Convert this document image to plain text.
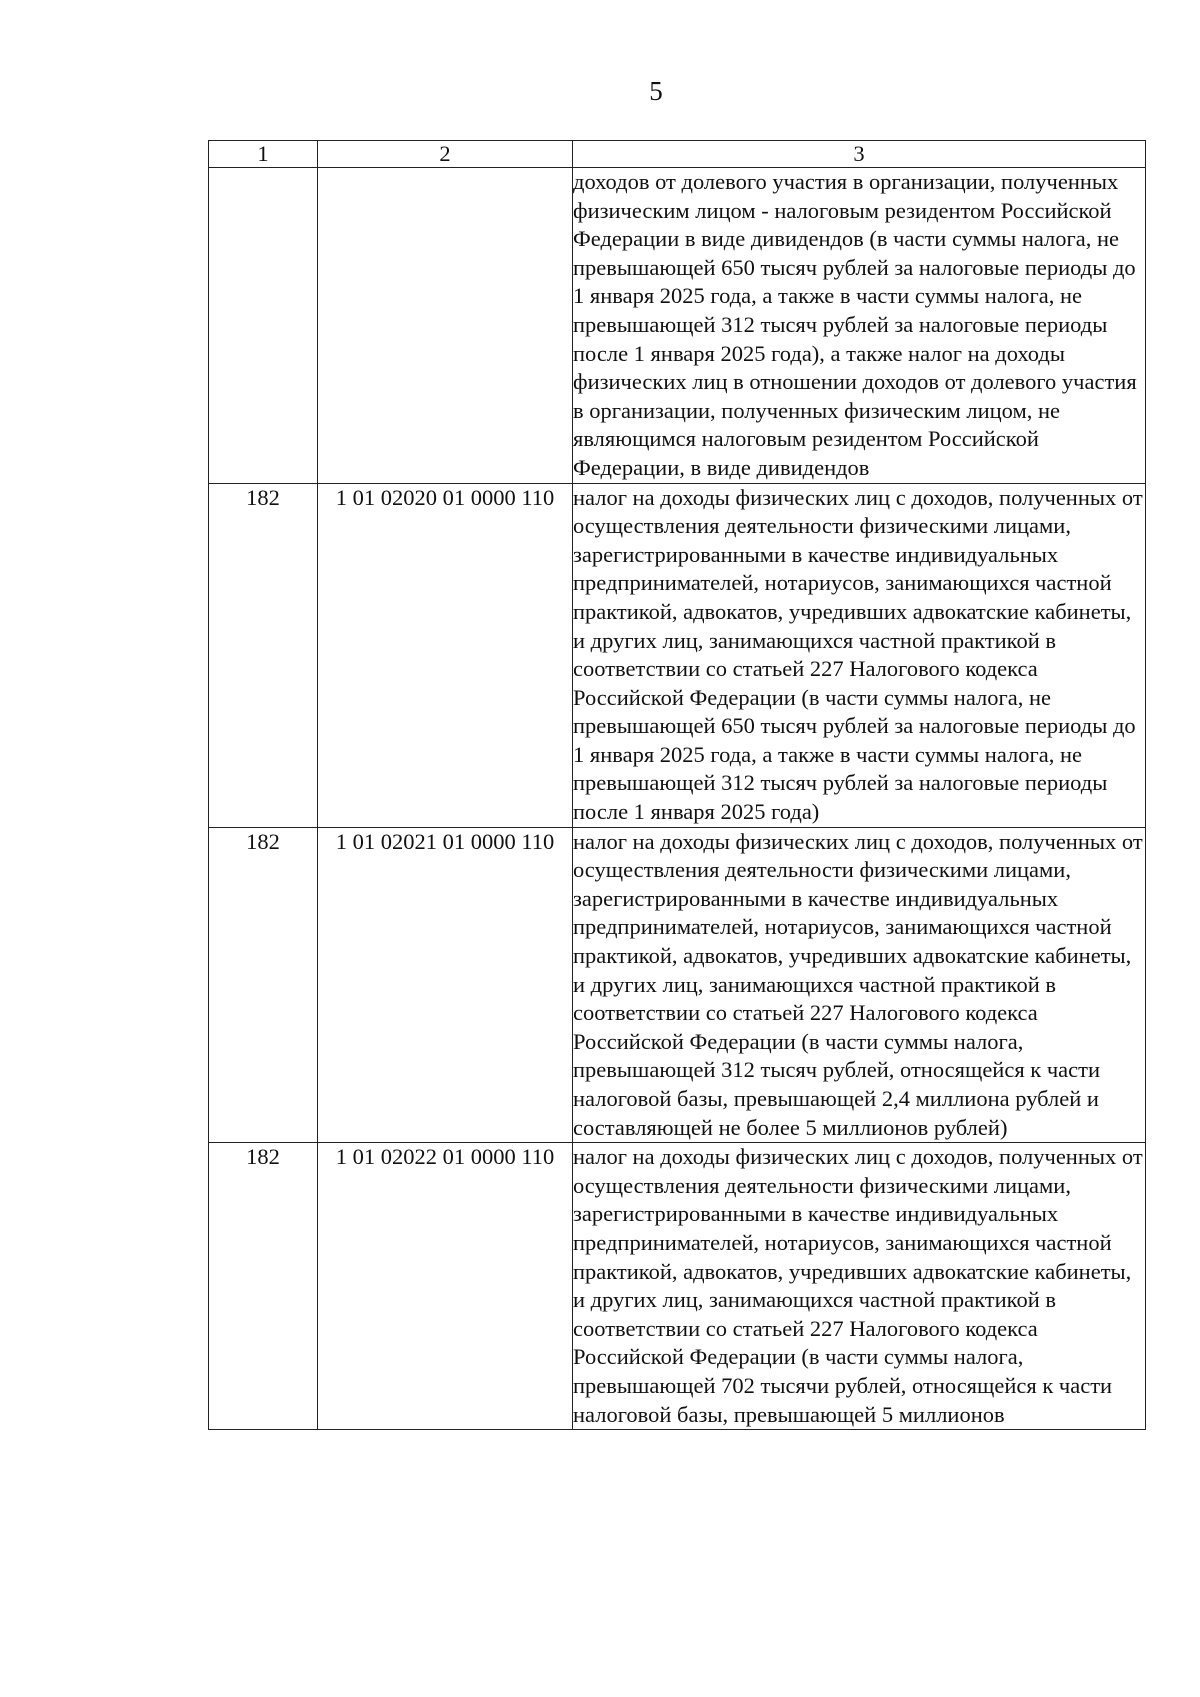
5
1	2	3

		доходов от долевого участия в организации, полученных физическим лицом - налоговым резидентом Российской Федерации в виде дивидендов (в части суммы налога, не превышающей 650 тысяч рублей за налоговые периоды до 1 января 2025 года, а также в части суммы налога, не превышающей 312 тысяч рублей за налоговые периоды после 1 января 2025 года), а также налог на доходы физических лиц в отношении доходов от долевого участия в организации, полученных физическим лицом, не являющимся налоговым резидентом Российской Федерации, в виде дивидендов

182	1 01 02020 01 0000 110	налог на доходы физических лиц с доходов, полученных от осуществления деятельности физическими лицами, зарегистрированными в качестве индивидуальных предпринимателей, нотариусов, занимающихся частной практикой, адвокатов, учредивших адвокатские кабинеты, и других лиц, занимающихся частной практикой в соответствии со статьей 227 Налогового кодекса Российской Федерации (в части суммы налога, не превышающей 650 тысяч рублей за налоговые периоды до 1 января 2025 года, а также в части суммы налога, не превышающей 312 тысяч рублей за налоговые периоды после 1 января 2025 года)

182	1 01 02021 01 0000 110	налог на доходы физических лиц с доходов, полученных от осуществления деятельности физическими лицами, зарегистрированными в качестве индивидуальных предпринимателей, нотариусов, занимающихся частной практикой, адвокатов, учредивших адвокатские кабинеты, и других лиц, занимающихся частной практикой в соответствии со статьей 227 Налогового кодекса Российской Федерации (в части суммы налога, превышающей 312 тысяч рублей, относящейся к части налоговой базы, превышающей 2,4 миллиона рублей и составляющей не более 5 миллионов рублей)

182	1 01 02022 01 0000 110	налог на доходы физических лиц с доходов, полученных от осуществления деятельности физическими лицами, зарегистрированными в качестве индивидуальных предпринимателей, нотариусов, занимающихся частной практикой, адвокатов, учредивших адвокатские кабинеты, и других лиц, занимающихся частной практикой в соответствии со статьей 227 Налогового кодекса Российской Федерации (в части суммы налога, превышающей 702 тысячи рублей, относящейся к части налоговой базы, превышающей 5 миллионов
